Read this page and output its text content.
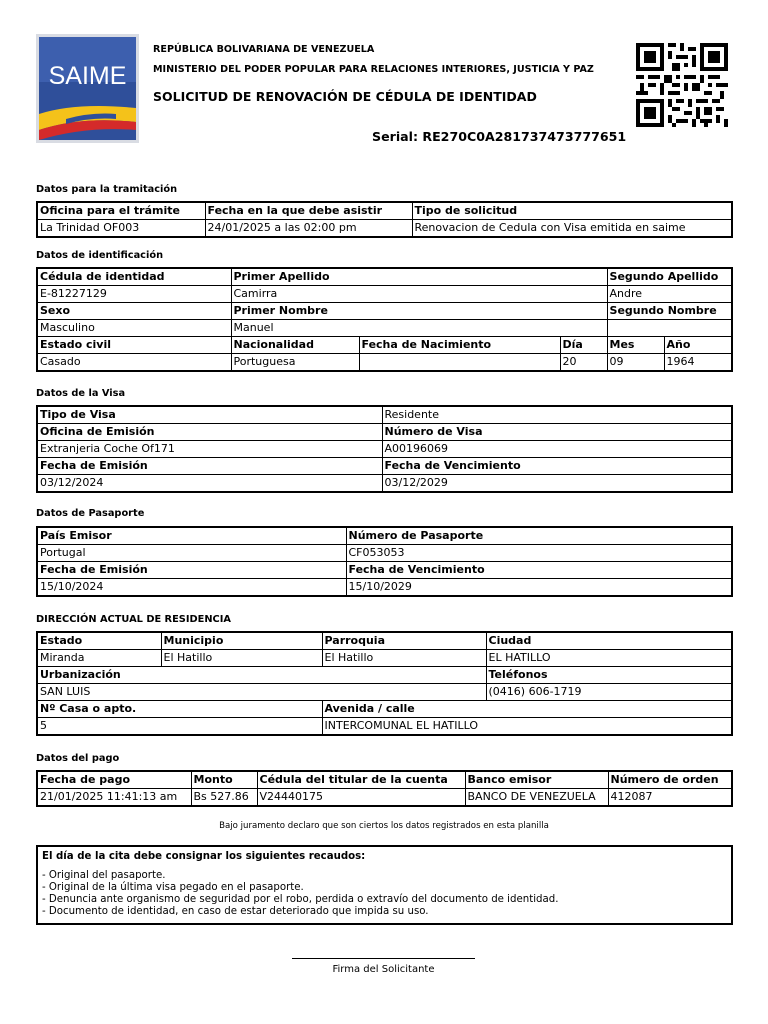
SAIME
REPÚBLICA BOLIVARIANA DE VENEZUELA
MINISTERIO DEL PODER POPULAR PARA RELACIONES INTERIORES, JUSTICIA Y PAZ
SOLICITUD DE RENOVACIÓN DE CÉDULA DE IDENTIDAD
Serial: RE270C0A281737473777651
Datos para la tramitación
Oficina para el trámite	Fecha en la que debe asistir	Tipo de solicitud
La Trinidad OF003	24/01/2025 a las 02:00 pm	Renovacion de Cedula con Visa emitida en saime
Datos de identificación
Cédula de identidad	Primer Apellido			Segundo Apellido	
E-81227129	Camirra			Andre	
Sexo	Primer Nombre			Segundo Nombre	
Masculino	Manuel				
Estado civil	Nacionalidad	Fecha de Nacimiento	Día	Mes	Año
Casado	Portuguesa		20	09	1964
Datos de la Visa
Tipo de Visa	Residente
Oficina de Emisión	Número de Visa
Extranjeria Coche Of171	A00196069
Fecha de Emisión	Fecha de Vencimiento
03/12/2024	03/12/2029
Datos de Pasaporte
País Emisor	Número de Pasaporte
Portugal	CF053053
Fecha de Emisión	Fecha de Vencimiento
15/10/2024	15/10/2029
DIRECCIÓN ACTUAL DE RESIDENCIA
Estado	Municipio	Parroquia	Ciudad
Miranda	El Hatillo	El Hatillo	EL HATILLO
Urbanización			Teléfonos
SAN LUIS			(0416) 606-1719
Nº Casa o apto.		Avenida / calle	
5		INTERCOMUNAL EL HATILLO	
Datos del pago
Fecha de pago	Monto	Cédula del titular de la cuenta	Banco emisor	Número de orden
21/01/2025 11:41:13 am	Bs 527.86	V24440175	BANCO DE VENEZUELA	412087
Bajo juramento declaro que son ciertos los datos registrados en esta planilla
El día de la cita debe consignar los siguientes recaudos:
- Original del pasaporte.
- Original de la última visa pegado en el pasaporte.
- Denuncia ante organismo de seguridad por el robo, perdida o extravío del documento de identidad.
- Documento de identidad, en caso de estar deteriorado que impida su uso.
Firma del Solicitante
